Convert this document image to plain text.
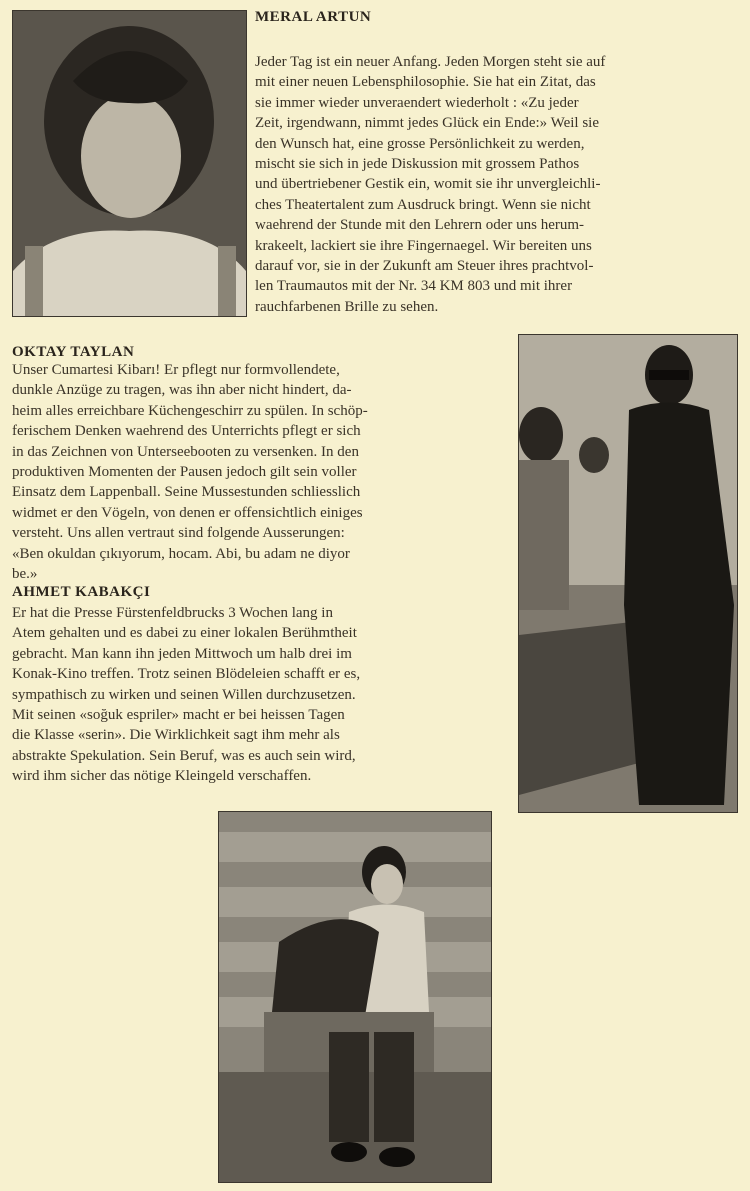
MERAL ARTUN
Jeder Tag ist ein neuer Anfang. Jeden Morgen steht sie auf
mit einer neuen Lebensphilosophie. Sie hat ein Zitat, das
sie immer wieder unveraendert wiederholt : «Zu jeder
Zeit, irgendwann, nimmt jedes Glück ein Ende:» Weil sie
den Wunsch hat, eine grosse Persönlichkeit zu werden,
mischt sie sich in jede Diskussion mit grossem Pathos
und übertriebener Gestik ein, womit sie ihr unvergleichli-
ches Theatertalent zum Ausdruck bringt. Wenn sie nicht
waehrend der Stunde mit den Lehrern oder uns herum-
krakeelt, lackiert sie ihre Fingernaegel. Wir bereiten uns
darauf vor, sie in der Zukunft am Steuer ihres prachtvol-
len Traumautos mit der Nr. 34 KM 803 und mit ihrer
rauchfarbenen Brille zu sehen.
OKTAY TAYLAN
Unser Cumartesi Kibarı! Er pflegt nur formvollendete,
dunkle Anzüge zu tragen, was ihn aber nicht hindert, da-
heim alles erreichbare Küchengeschirr zu spülen. In schöp-
ferischem Denken waehrend des Unterrichts pflegt er sich
in das Zeichnen von Unterseebooten zu versenken. In den
produktiven Momenten der Pausen jedoch gilt sein voller
Einsatz dem Lappenball. Seine Mussestunden schliesslich
widmet er den Vögeln, von denen er offensichtlich einiges
versteht. Uns allen vertraut sind folgende Ausserungen:
«Ben okuldan çıkıyorum, hocam. Abi, bu adam ne diyor
be.»
AHMET KABAKÇI
Er hat die Presse Fürstenfeldbrucks 3 Wochen lang in
Atem gehalten und es dabei zu einer lokalen Berühmtheit
gebracht. Man kann ihn jeden Mittwoch um halb drei im
Konak-Kino treffen. Trotz seinen Blödeleien schafft er es,
sympathisch zu wirken und seinen Willen durchzusetzen.
Mit seinen «soğuk espriler» macht er bei heissen Tagen
die Klasse «serin». Die Wirklichkeit sagt ihm mehr als
abstrakte Spekulation. Sein Beruf, was es auch sein wird,
wird ihm sicher das nötige Kleingeld verschaffen.
